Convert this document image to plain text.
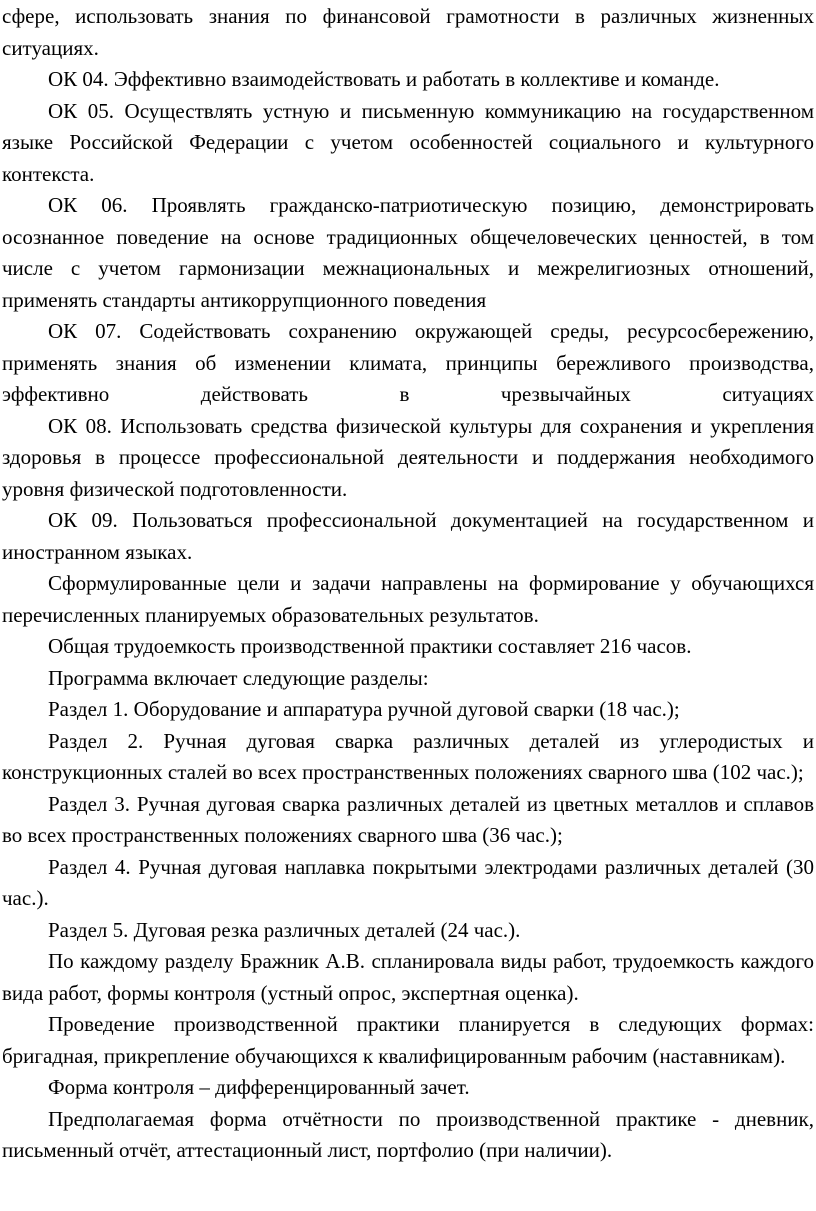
сфере, использовать знания по финансовой грамотности в различных жизненных ситуациях.

ОК 04. Эффективно взаимодействовать и работать в коллективе и команде.

ОК 05. Осуществлять устную и письменную коммуникацию на государственном языке Российской Федерации с учетом особенностей социального и культурного контекста.

ОК 06. Проявлять гражданско-патриотическую позицию, демонстрировать осознанное поведение на основе традиционных общечеловеческих ценностей, в том числе с учетом гармонизации межнациональных и межрелигиозных отношений, применять стандарты антикоррупционного поведения

ОК 07. Содействовать сохранению окружающей среды, ресурсосбережению, применять знания об изменении климата, принципы бережливого производства, эффективно действовать в чрезвычайных ситуациях

ОК 08. Использовать средства физической культуры для сохранения и укрепления здоровья в процессе профессиональной деятельности и поддержания необходимого уровня физической подготовленности.

ОК 09. Пользоваться профессиональной документацией на государственном и иностранном языках.

Сформулированные цели и задачи направлены на формирование у обучающихся перечисленных планируемых образовательных результатов.

Общая трудоемкость производственной практики составляет 216 часов.

Программа включает следующие разделы:

Раздел 1. Оборудование и аппаратура ручной дуговой сварки (18 час.);

Раздел 2. Ручная дуговая сварка различных деталей из углеродистых и конструкционных сталей во всех пространственных положениях сварного шва (102 час.);

Раздел 3. Ручная дуговая сварка различных деталей из цветных металлов и сплавов во всех пространственных положениях сварного шва (36 час.);

Раздел 4. Ручная дуговая наплавка покрытыми электродами различных деталей (30 час.).

Раздел 5. Дуговая резка различных деталей (24 час.).

По каждому разделу Бражник А.В. спланировала виды работ, трудоемкость каждого вида работ, формы контроля (устный опрос, экспертная оценка).

Проведение производственной практики планируется в следующих формах: бригадная, прикрепление обучающихся к квалифицированным рабочим (наставникам).

Форма контроля – дифференцированный зачет.

Предполагаемая форма отчётности по производственной практике - дневник, письменный отчёт, аттестационный лист, портфолио (при наличии).
